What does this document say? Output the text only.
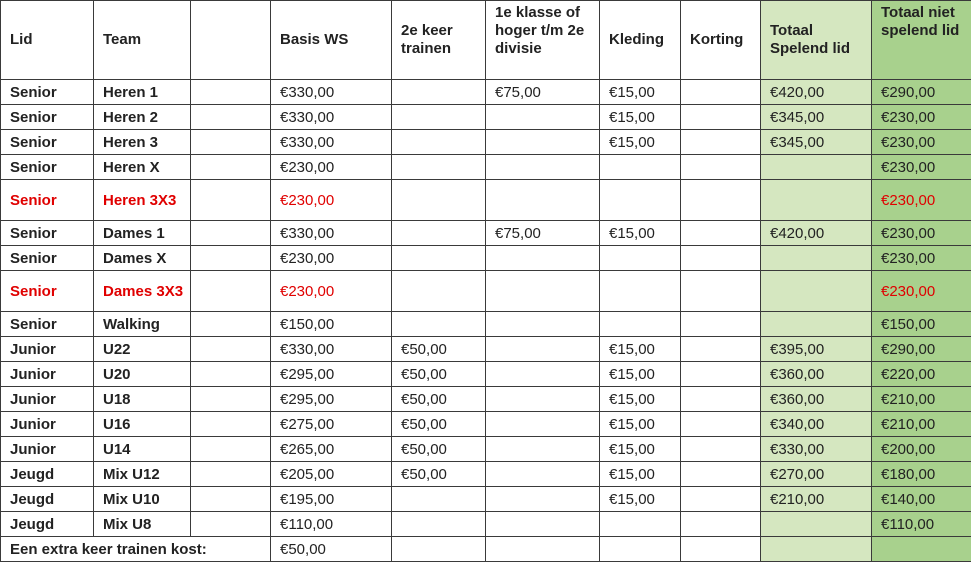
Lid	Team		Basis WS	2e keer trainen	1e klasse of hoger t/m 2e divisie	Kleding	Korting	Totaal Spelend lid	Totaal niet spelend lid
Senior	Heren 1		€330,00		€75,00	€15,00		€420,00	€290,00
Senior	Heren 2		€330,00			€15,00		€345,00	€230,00
Senior	Heren 3		€330,00			€15,00		€345,00	€230,00
Senior	Heren X		€230,00						€230,00
Senior	Heren 3X3		€230,00						€230,00
Senior	Dames 1		€330,00		€75,00	€15,00		€420,00	€230,00
Senior	Dames X		€230,00						€230,00
Senior	Dames 3X3		€230,00						€230,00
Senior	Walking		€150,00						€150,00
Junior	U22		€330,00	€50,00		€15,00		€395,00	€290,00
Junior	U20		€295,00	€50,00		€15,00		€360,00	€220,00
Junior	U18		€295,00	€50,00		€15,00		€360,00	€210,00
Junior	U16		€275,00	€50,00		€15,00		€340,00	€210,00
Junior	U14		€265,00	€50,00		€15,00		€330,00	€200,00
Jeugd	Mix U12		€205,00	€50,00		€15,00		€270,00	€180,00
Jeugd	Mix U10		€195,00			€15,00		€210,00	€140,00
Jeugd	Mix U8		€110,00						€110,00
Een extra keer trainen kost:			€50,00						
